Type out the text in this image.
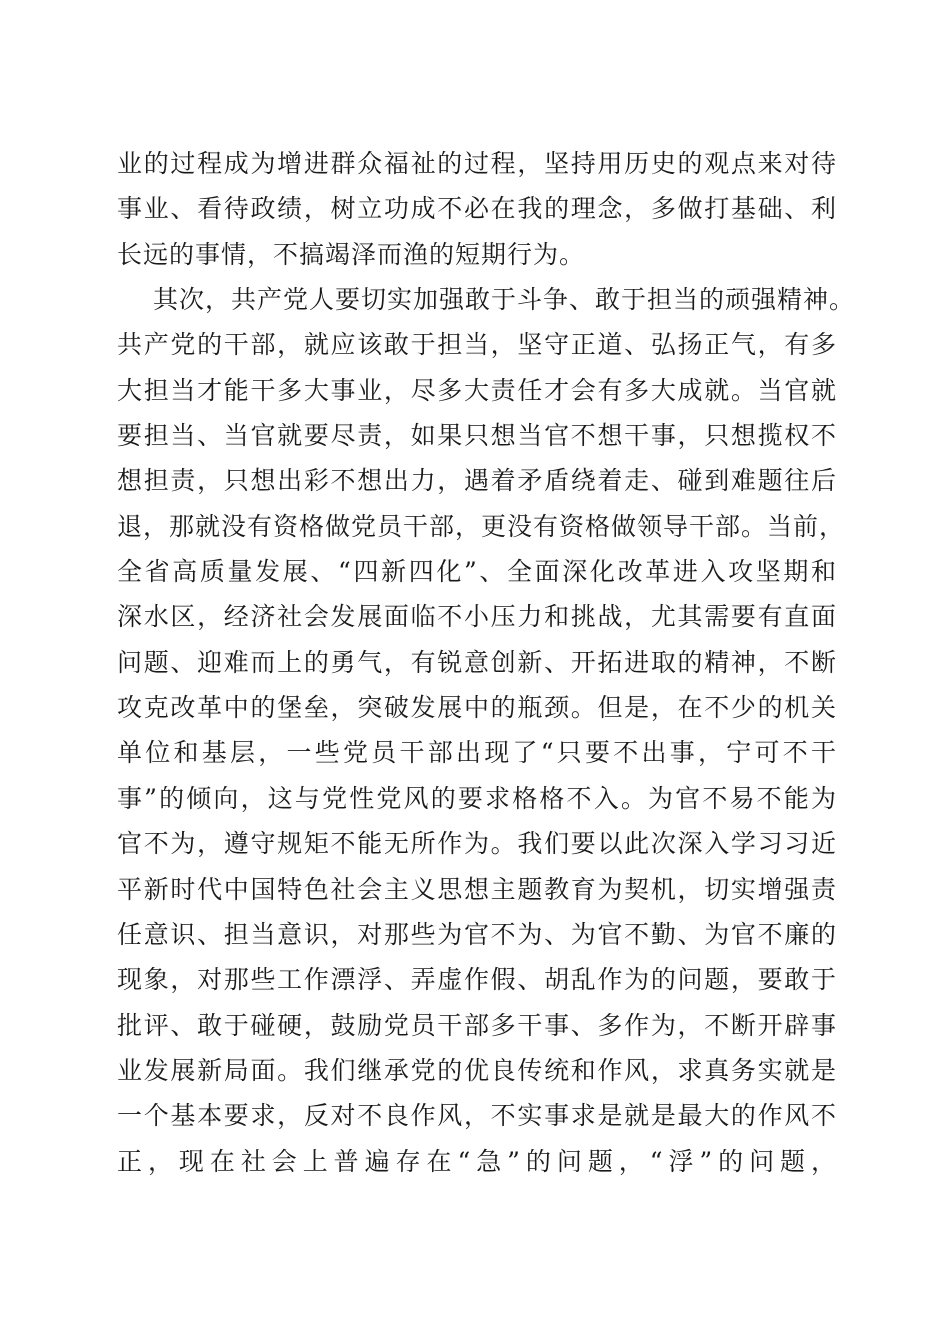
业的过程成为增进群众福祉的过程，坚持用历史的观点来对待
事业、看待政绩，树立功成不必在我的理念，多做打基础、利
长远的事情，不搞竭泽而渔的短期行为。
其次，共产党人要切实加强敢于斗争、敢于担当的顽强精神。
共产党的干部，就应该敢于担当，坚守正道、弘扬正气，有多
大担当才能干多大事业，尽多大责任才会有多大成就。当官就
要担当、当官就要尽责，如果只想当官不想干事，只想揽权不
想担责，只想出彩不想出力，遇着矛盾绕着走、碰到难题往后
退，那就没有资格做党员干部，更没有资格做领导干部。当前，
全省高质量发展、“四新四化”、全面深化改革进入攻坚期和
深水区，经济社会发展面临不小压力和挑战，尤其需要有直面
问题、迎难而上的勇气，有锐意创新、开拓进取的精神，不断
攻克改革中的堡垒，突破发展中的瓶颈。但是，在不少的机关
单位和基层，一些党员干部出现了“只要不出事，宁可不干
事”的倾向，这与党性党风的要求格格不入。为官不易不能为
官不为，遵守规矩不能无所作为。我们要以此次深入学习习近
平新时代中国特色社会主义思想主题教育为契机，切实增强责
任意识、担当意识，对那些为官不为、为官不勤、为官不廉的
现象，对那些工作漂浮、弄虚作假、胡乱作为的问题，要敢于
批评、敢于碰硬，鼓励党员干部多干事、多作为，不断开辟事
业发展新局面。我们继承党的优良传统和作风，求真务实就是
一个基本要求，反对不良作风，不实事求是就是最大的作风不
正，现在社会上普遍存在“急”的问题，“浮”的问题，
